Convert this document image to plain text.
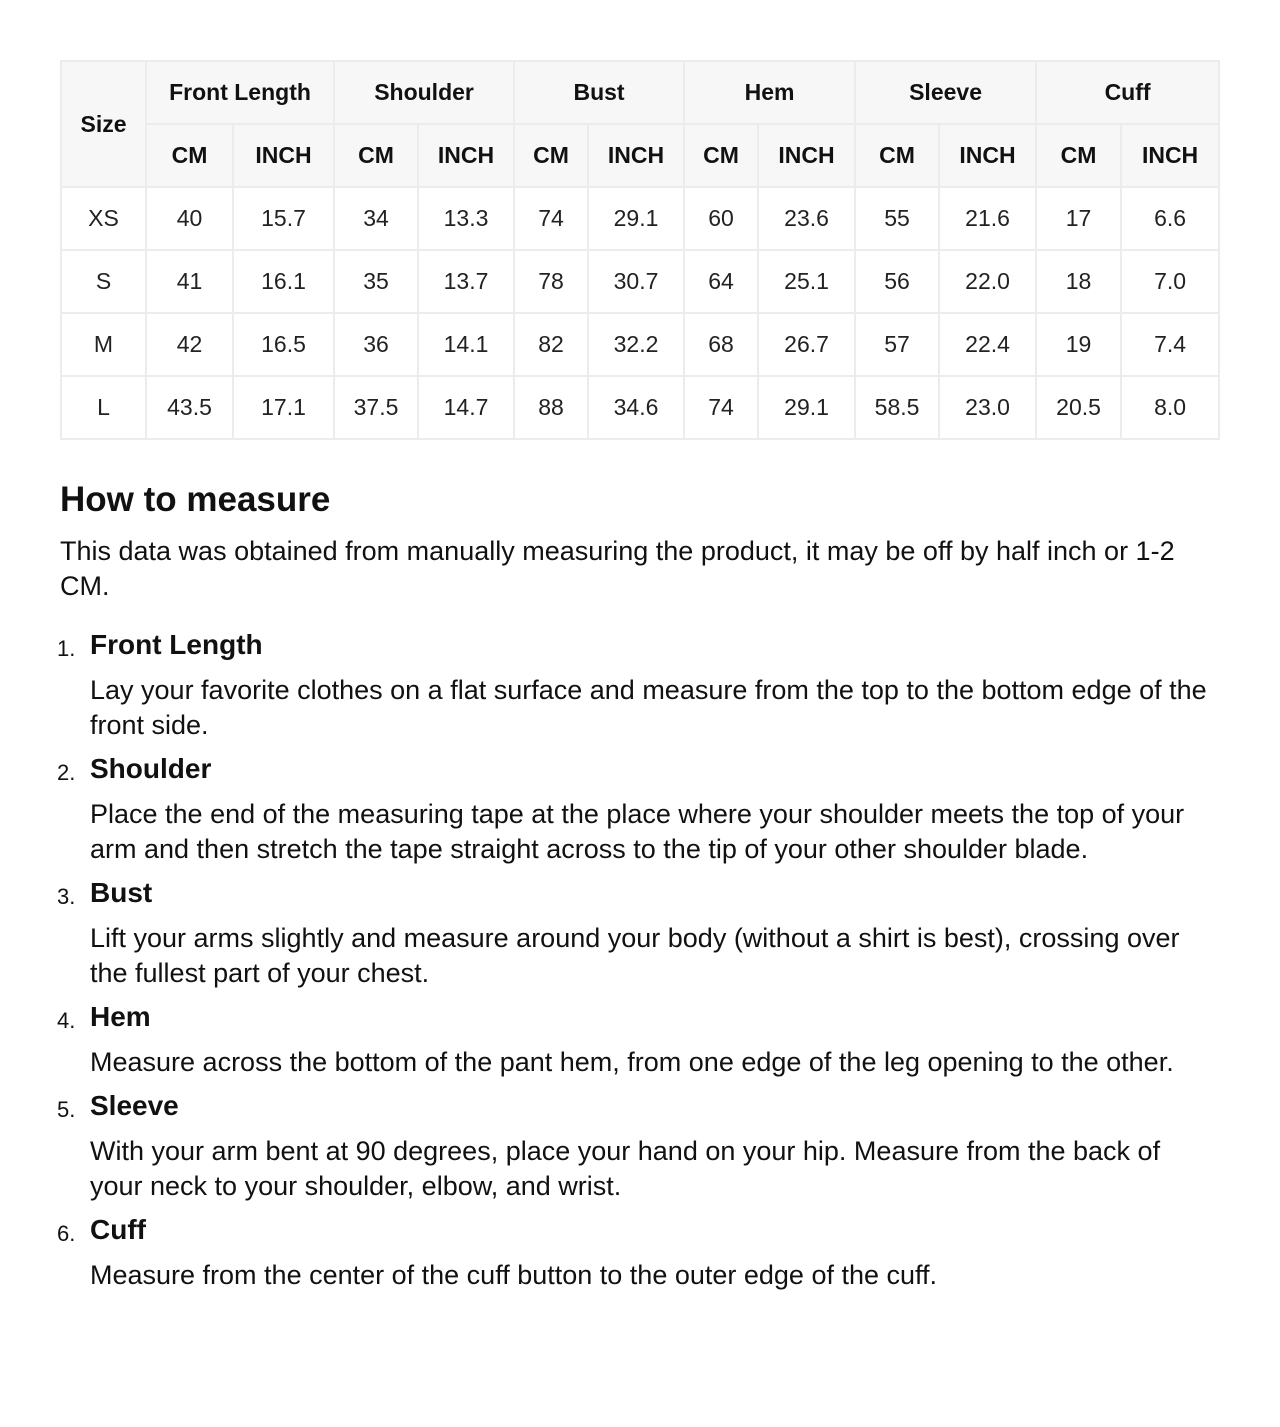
Size	Front Length		Shoulder		Bust		Hem		Sleeve		Cuff	
	CM	INCH	CM	INCH	CM	INCH	CM	INCH	CM	INCH	CM	INCH
XS	40	15.7	34	13.3	74	29.1	60	23.6	55	21.6	17	6.6
S	41	16.1	35	13.7	78	30.7	64	25.1	56	22.0	18	7.0
M	42	16.5	36	14.1	82	32.2	68	26.7	57	22.4	19	7.4
L	43.5	17.1	37.5	14.7	88	34.6	74	29.1	58.5	23.0	20.5	8.0
How to measure

This data was obtained from manually measuring the product, it may be off by half inch or 1-2 CM.

1. Front Length
Lay your favorite clothes on a flat surface and measure from the top to the bottom edge of the front side.
2. Shoulder
Place the end of the measuring tape at the place where your shoulder meets the top of your arm and then stretch the tape straight across to the tip of your other shoulder blade.
3. Bust
Lift your arms slightly and measure around your body (without a shirt is best), crossing over the fullest part of your chest.
4. Hem
Measure across the bottom of the pant hem, from one edge of the leg opening to the other.
5. Sleeve
With your arm bent at 90 degrees, place your hand on your hip. Measure from the back of your neck to your shoulder, elbow, and wrist.
6. Cuff
Measure from the center of the cuff button to the outer edge of the cuff.
